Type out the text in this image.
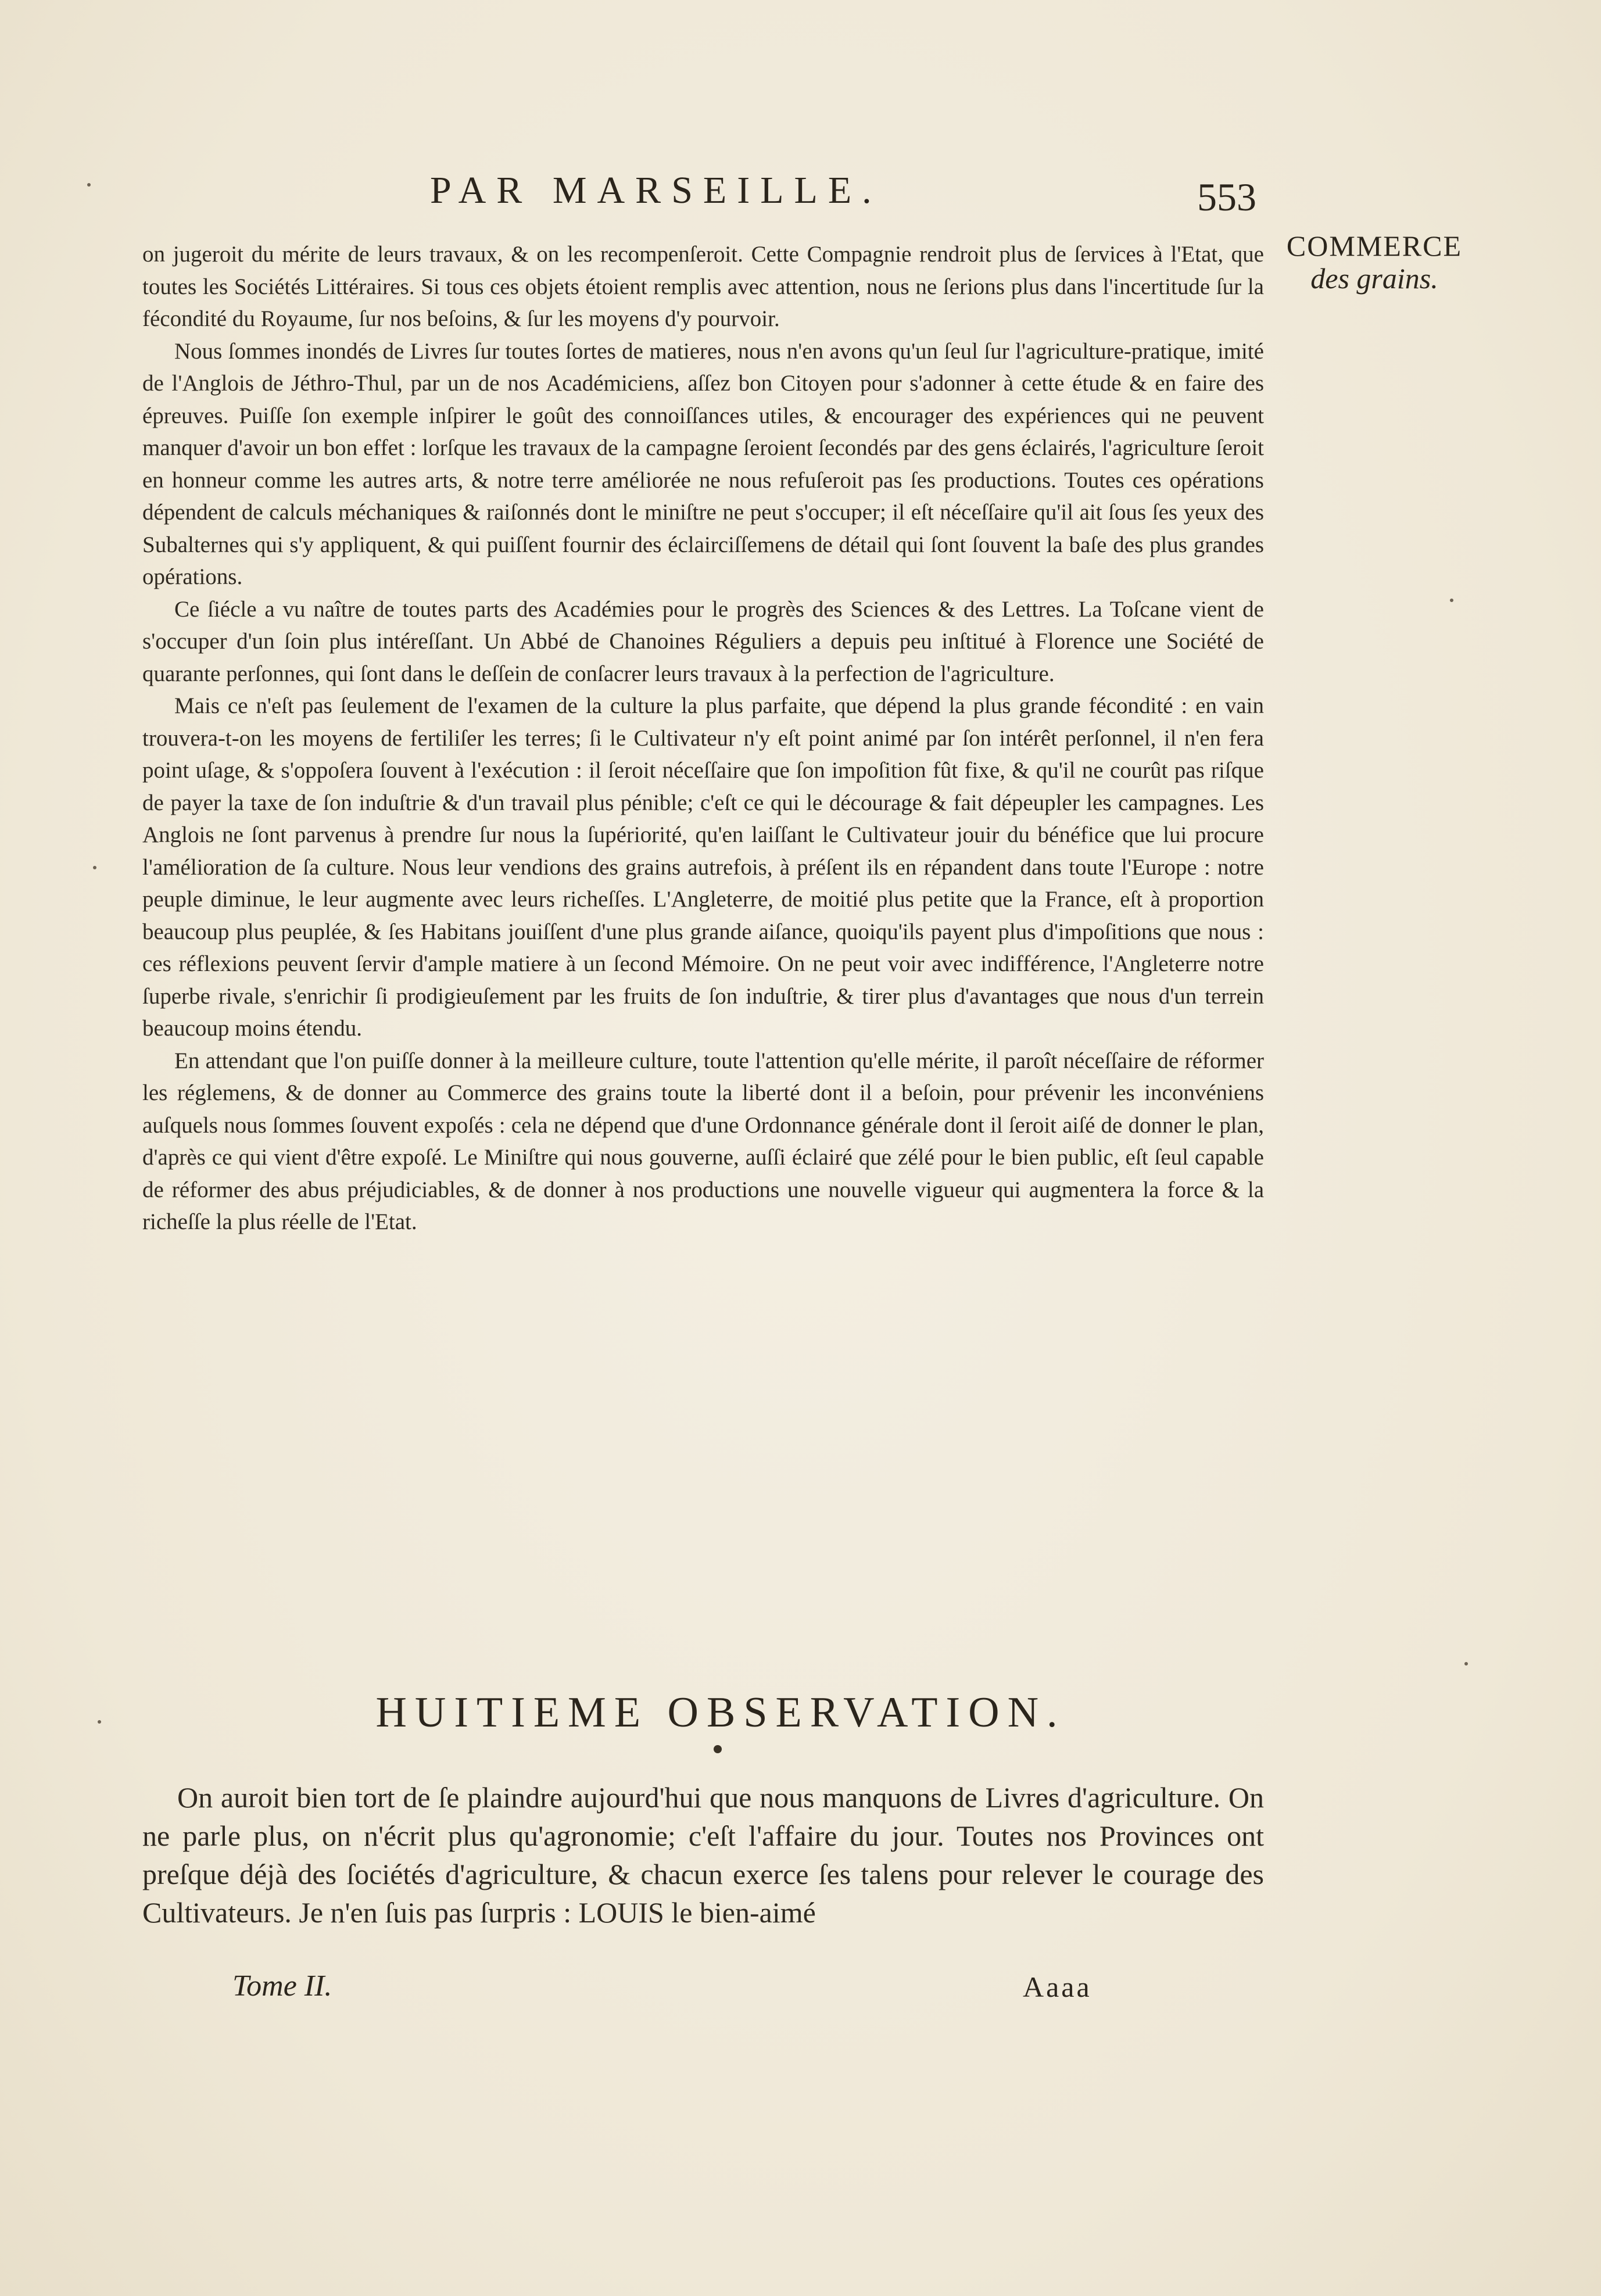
PAR MARSEILLE.	553
COMMERCE
des grains.

on jugeroit du mérite de leurs travaux, & on les recompenſeroit. Cette Compagnie rendroit plus de ſervices à l'Etat, que toutes les Sociétés Littéraires. Si tous ces objets étoient remplis avec attention, nous ne ſerions plus dans l'incertitude ſur la fécondité du Royaume, ſur nos beſoins, & ſur les moyens d'y pourvoir.

Nous ſommes inondés de Livres ſur toutes ſortes de matieres, nous n'en avons qu'un ſeul ſur l'agriculture-pratique, imité de l'Anglois de Jéthro-Thul, par un de nos Académiciens, aſſez bon Citoyen pour s'adonner à cette étude & en faire des épreuves. Puiſſe ſon exemple inſpirer le goût des connoiſſances utiles, & encourager des expériences qui ne peuvent manquer d'avoir un bon effet : lorſque les travaux de la campagne ſeroient ſecondés par des gens éclairés, l'agriculture ſeroit en honneur comme les autres arts, & notre terre améliorée ne nous refuſeroit pas ſes productions. Toutes ces opérations dépendent de calculs méchaniques & raiſonnés dont le miniſtre ne peut s'occuper; il eſt néceſſaire qu'il ait ſous ſes yeux des Subalternes qui s'y appliquent, & qui puiſſent fournir des éclairciſſemens de détail qui ſont ſouvent la baſe des plus grandes opérations.

Ce ſiécle a vu naître de toutes parts des Académies pour le progrès des Sciences & des Lettres. La Toſcane vient de s'occuper d'un ſoin plus intéreſſant. Un Abbé de Chanoines Réguliers a depuis peu inſtitué à Florence une Société de quarante perſonnes, qui ſont dans le deſſein de conſacrer leurs travaux à la perfection de l'agriculture.

Mais ce n'eſt pas ſeulement de l'examen de la culture la plus parfaite, que dépend la plus grande fécondité : en vain trouvera-t-on les moyens de fertiliſer les terres; ſi le Cultivateur n'y eſt point animé par ſon intérêt perſonnel, il n'en fera point uſage, & s'oppoſera ſouvent à l'exécution : il ſeroit néceſſaire que ſon impoſition fût fixe, & qu'il ne courût pas riſque de payer la taxe de ſon induſtrie & d'un travail plus pénible; c'eſt ce qui le décourage & fait dépeupler les campagnes. Les Anglois ne ſont parvenus à prendre ſur nous la ſupériorité, qu'en laiſſant le Cultivateur jouir du bénéfice que lui procure l'amélioration de ſa culture. Nous leur vendions des grains autrefois, à préſent ils en répandent dans toute l'Europe : notre peuple diminue, le leur augmente avec leurs richeſſes. L'Angleterre, de moitié plus petite que la France, eſt à proportion beaucoup plus peuplée, & ſes Habitans jouiſſent d'une plus grande aiſance, quoiqu'ils payent plus d'impoſitions que nous : ces réflexions peuvent ſervir d'ample matiere à un ſecond Mémoire. On ne peut voir avec indifférence, l'Angleterre notre ſuperbe rivale, s'enrichir ſi prodigieuſement par les fruits de ſon induſtrie, & tirer plus d'avantages que nous d'un terrein beaucoup moins étendu.

En attendant que l'on puiſſe donner à la meilleure culture, toute l'attention qu'elle mérite, il paroît néceſſaire de réformer les réglemens, & de donner au Commerce des grains toute la liberté dont il a beſoin, pour prévenir les inconvéniens auſquels nous ſommes ſouvent expoſés : cela ne dépend que d'une Ordonnance générale dont il ſeroit aiſé de donner le plan, d'après ce qui vient d'être expoſé. Le Miniſtre qui nous gouverne, auſſi éclairé que zélé pour le bien public, eſt ſeul capable de réformer des abus préjudiciables, & de donner à nos productions une nouvelle vigueur qui augmentera la force & la richeſſe la plus réelle de l'Etat.

HUITIEME OBSERVATION.

On auroit bien tort de ſe plaindre aujourd'hui que nous manquons de Livres d'agriculture. On ne parle plus, on n'écrit plus qu'agronomie; c'eſt l'affaire du jour. Toutes nos Provinces ont preſque déjà des ſociétés d'agriculture, & chacun exerce ſes talens pour relever le courage des Cultivateurs. Je n'en ſuis pas ſurpris : LOUIS le bien-aimé

Tome II.	Aaaa
